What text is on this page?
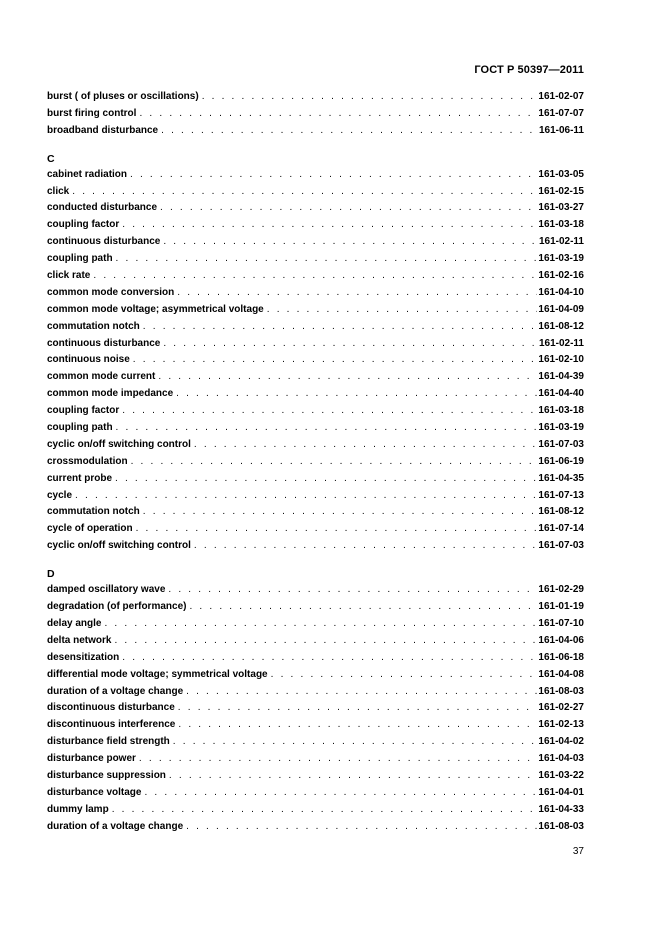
ГОСТ Р 50397—2011
burst ( of pluses or oscillations) . . .	161-02-07
burst firing control . . .	161-07-07
broadband disturbance . . .	161-06-11
C
cabinet radiation . . .	161-03-05
click . . .	161-02-15
conducted disturbance . . .	161-03-27
coupling factor . . .	161-03-18
continuous disturbance . . .	161-02-11
coupling path . . .	161-03-19
click rate . . .	161-02-16
common mode conversion . . .	161-04-10
common mode voltage; asymmetrical voltage . . .	161-04-09
commutation notch . . .	161-08-12
continuous disturbance . . .	161-02-11
continuous noise . . .	161-02-10
common mode current . . .	161-04-39
common mode impedance . . .	161-04-40
coupling factor . . .	161-03-18
coupling path . . .	161-03-19
cyclic on/off switching control . . .	161-07-03
crossmodulation . . .	161-06-19
current probe . . .	161-04-35
cycle . . .	161-07-13
commutation notch . . .	161-08-12
cycle of operation . . .	161-07-14
cyclic on/off switching control . . .	161-07-03
D
damped oscillatory wave . . .	161-02-29
degradation (of performance) . . .	161-01-19
delay angle . . .	161-07-10
delta network . . .	161-04-06
desensitization . . .	161-06-18
differential mode voltage; symmetrical voltage . . .	161-04-08
duration of a voltage change . . .	161-08-03
discontinuous disturbance . . .	161-02-27
discontinuous interference . . .	161-02-13
disturbance field strength . . .	161-04-02
disturbance power . . .	161-04-03
disturbance suppression . . .	161-03-22
disturbance voltage . . .	161-04-01
dummy lamp . . .	161-04-33
duration of a voltage change . . .	161-08-03
37
